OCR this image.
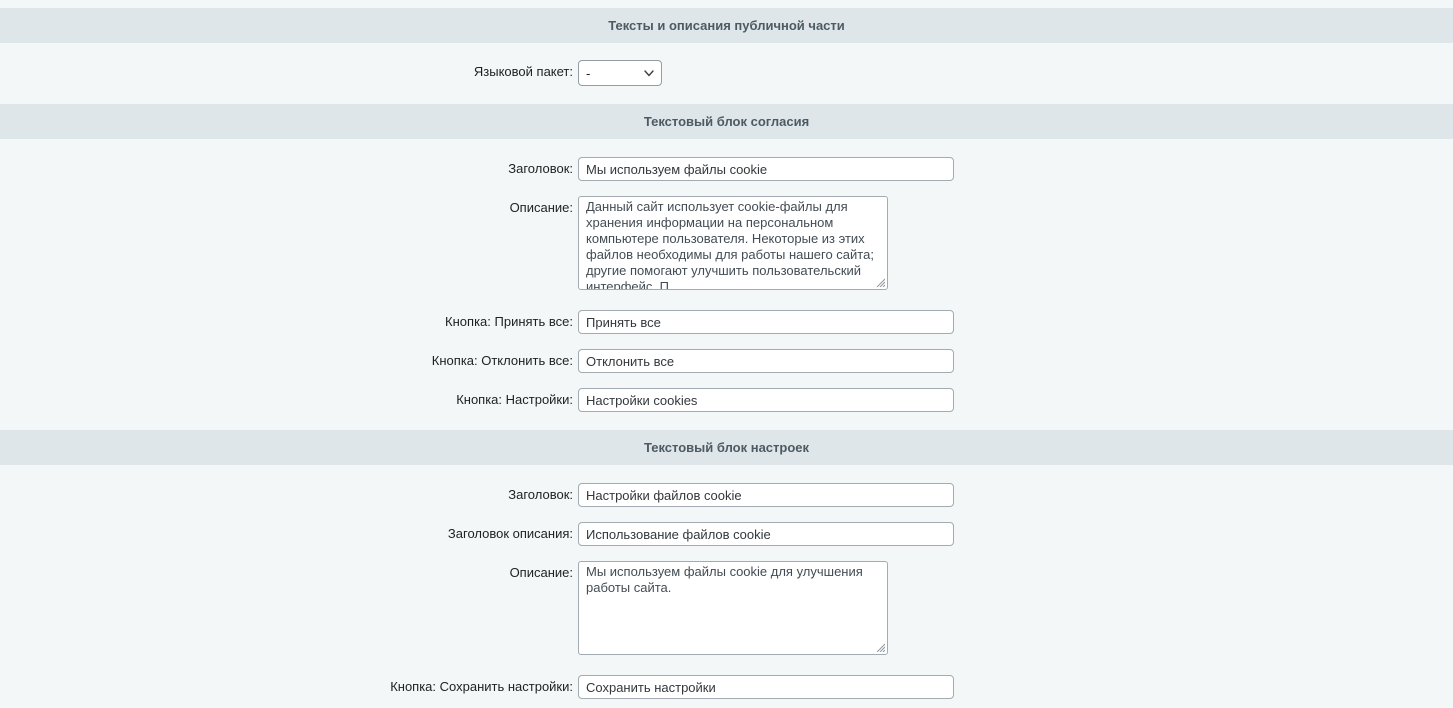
Тексты и описания публичной части
Языковой пакет:
-
Текстовый блок согласия
Заголовок:
Мы используем файлы cookie
Описание:
Данный сайт использует cookie-файлы для хранения информации на персональном компьютере пользователя. Некоторые из этих файлов необходимы для работы нашего сайта; другие помогают улучшить пользовательский интерфейс. П
Кнопка: Принять все:
Принять все
Кнопка: Отклонить все:
Отклонить все
Кнопка: Настройки:
Настройки cookies
Текстовый блок настроек
Заголовок:
Настройки файлов cookie
Заголовок описания:
Использование файлов cookie
Описание:
Мы используем файлы cookie для улучшения работы сайта.
Кнопка: Сохранить настройки:
Сохранить настройки
